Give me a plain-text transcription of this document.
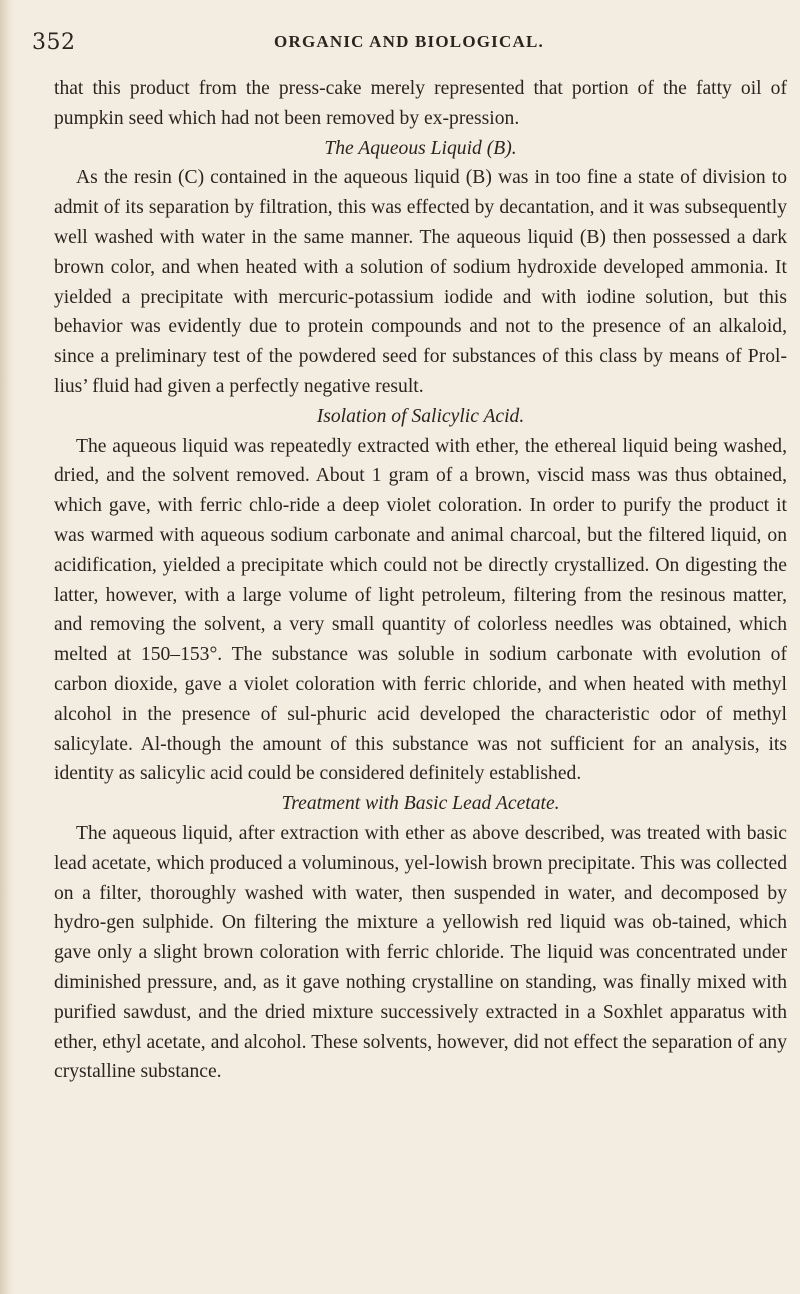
352	ORGANIC AND BIOLOGICAL.

that this product from the press-cake merely represented that portion of the fatty oil of pumpkin seed which had not been removed by ex-pression.

The Aqueous Liquid (B).

As the resin (C) contained in the aqueous liquid (B) was in too fine a state of division to admit of its separation by filtration, this was effected by decantation, and it was subsequently well washed with water in the same manner. The aqueous liquid (B) then possessed a dark brown color, and when heated with a solution of sodium hydroxide developed ammonia. It yielded a precipitate with mercuric-potassium iodide and with iodine solution, but this behavior was evidently due to protein compounds and not to the presence of an alkaloid, since a preliminary test of the powdered seed for substances of this class by means of Prol-lius’ fluid had given a perfectly negative result.

Isolation of Salicylic Acid.

The aqueous liquid was repeatedly extracted with ether, the ethereal liquid being washed, dried, and the solvent removed. About 1 gram of a brown, viscid mass was thus obtained, which gave, with ferric chlo-ride a deep violet coloration. In order to purify the product it was warmed with aqueous sodium carbonate and animal charcoal, but the filtered liquid, on acidification, yielded a precipitate which could not be directly crystallized. On digesting the latter, however, with a large volume of light petroleum, filtering from the resinous matter, and removing the solvent, a very small quantity of colorless needles was obtained, which melted at 150–153°. The substance was soluble in sodium carbonate with evolution of carbon dioxide, gave a violet coloration with ferric chloride, and when heated with methyl alcohol in the presence of sul-phuric acid developed the characteristic odor of methyl salicylate. Al-though the amount of this substance was not sufficient for an analysis, its identity as salicylic acid could be considered definitely established.

Treatment with Basic Lead Acetate.

The aqueous liquid, after extraction with ether as above described, was treated with basic lead acetate, which produced a voluminous, yel-lowish brown precipitate. This was collected on a filter, thoroughly washed with water, then suspended in water, and decomposed by hydro-gen sulphide. On filtering the mixture a yellowish red liquid was ob-tained, which gave only a slight brown coloration with ferric chloride. The liquid was concentrated under diminished pressure, and, as it gave nothing crystalline on standing, was finally mixed with purified sawdust, and the dried mixture successively extracted in a Soxhlet apparatus with ether, ethyl acetate, and alcohol. These solvents, however, did not effect the separation of any crystalline substance.
